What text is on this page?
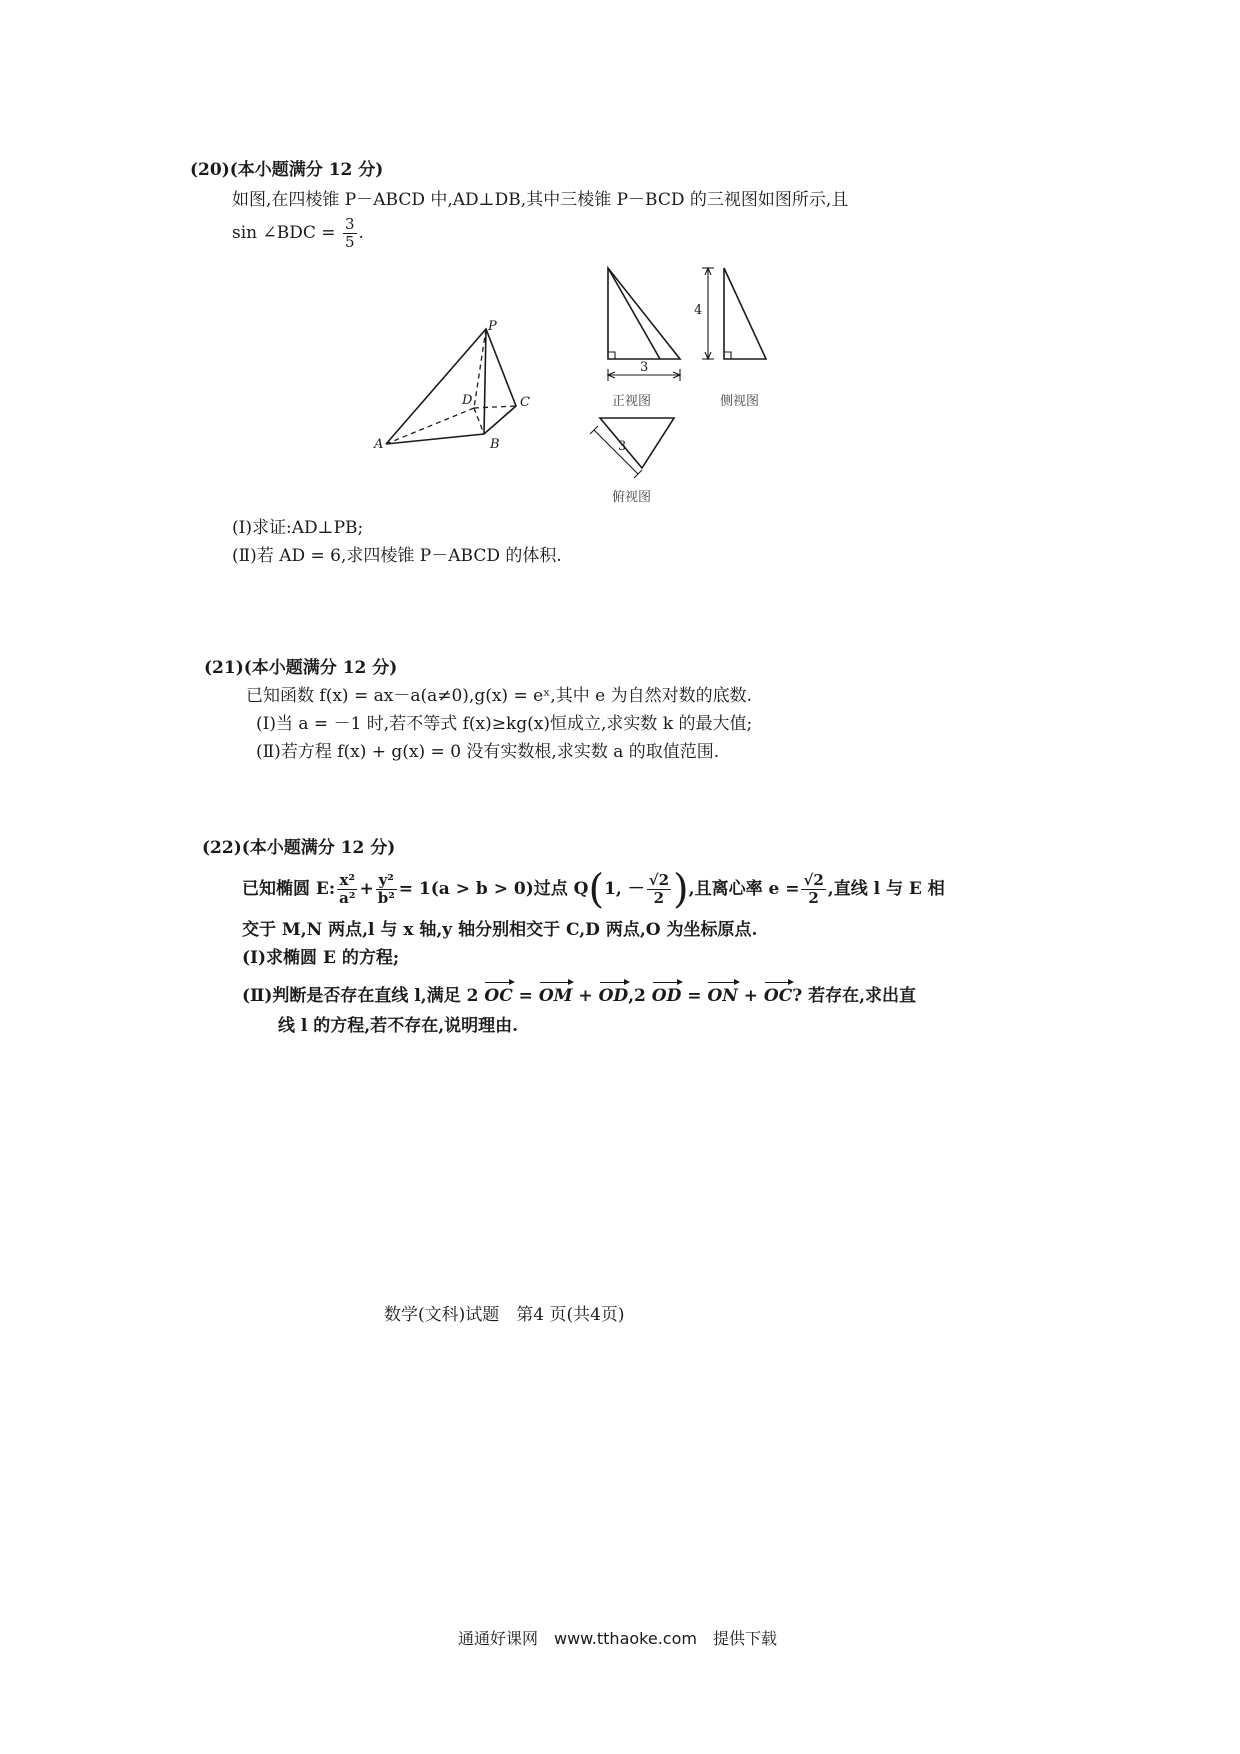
(20)(本小题满分 12 分)
如图,在四棱锥 P－ABCD 中,AD⊥DB,其中三棱锥 P－BCD 的三视图如图所示,且
sin ∠BDC = $\frac{3}{5}$ .
P
D	C
A	B
3
正视图
4
侧视图
3
俯视图
(Ⅰ)求证:AD⊥PB;
(Ⅱ)若 AD = 6,求四棱锥 P－ABCD 的体积.
(21)(本小题满分 12 分)
已知函数 f(x) = ax－a(a≠0),g(x) = eˣ,其中 e 为自然对数的底数.
(Ⅰ)当 a = －1 时,若不等式 f(x)≥kg(x)恒成立,求实数 k 的最大值;
(Ⅱ)若方程 f(x) + g(x) = 0 没有实数根,求实数 a 的取值范围.
(22)(本小题满分 12 分)
已知椭圆 E: $\frac{\text{x²}}{\text{a²}} + \frac{\text{y²}}{\text{b²}} = 1(a > b > 0)$过点 Q(1, － $\frac{√2}{2}$ ),且离心率 $e = \frac{√2}{2}$ ,直线 l 与 E 相
交于 M,N 两点,l 与 x 轴,y 轴分别相交于 C,D 两点,O 为坐标原点.
(Ⅰ)求椭圆 E 的方程;
(Ⅱ)判断是否存在直线 l,满足 2 OC = OM + OD,2 OD = ON + OC? 若存在,求出直
线 l 的方程,若不存在,说明理由.
数学(文科)试题　第4 页(共4页)
通通好课网　www.tthaoke.com　提供下载
